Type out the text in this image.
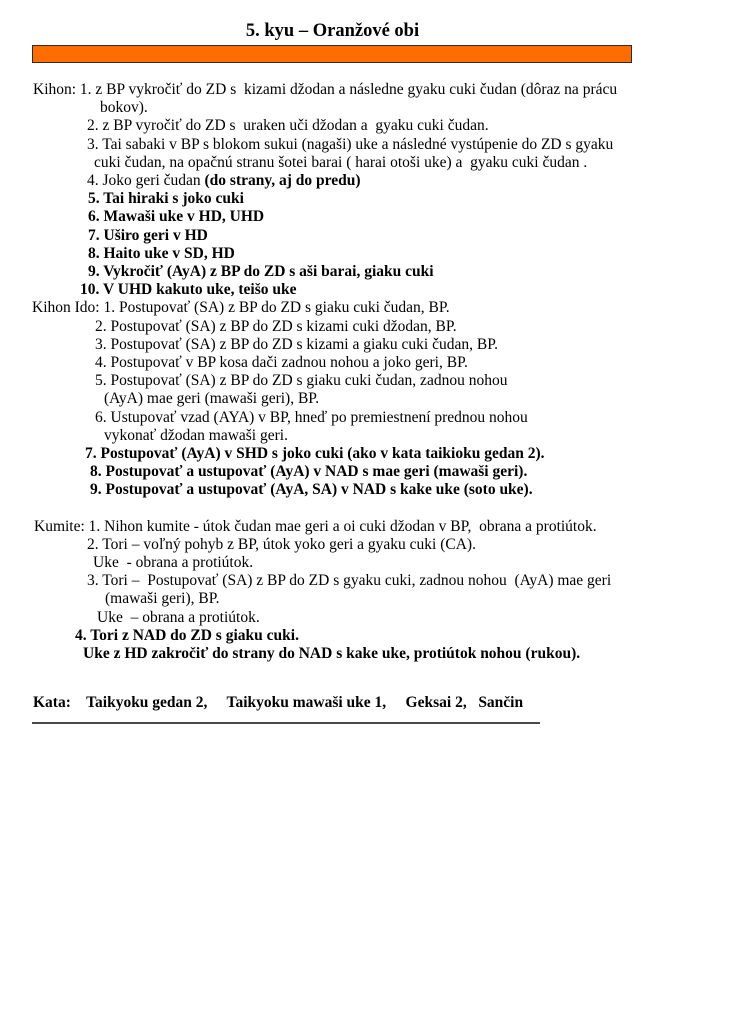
5. kyu – Oranžové obi
Kihon: 1. z BP vykročiť do ZD s  kizami džodan a následne gyaku cuki čudan (dôraz na prácu
bokov).
2. z BP vyročiť do ZD s  uraken uči džodan a  gyaku cuki čudan.
3. Tai sabaki v BP s blokom sukui (nagaši) uke a následné vystúpenie do ZD s gyaku
cuki čudan, na opačnú stranu šotei barai ( harai otoši uke) a  gyaku cuki čudan .
4. Joko geri čudan (do strany, aj do predu)
5. Tai hiraki s joko cuki
6. Mawaši uke v HD, UHD
7. Uširo geri v HD
8. Haito uke v SD, HD
9. Vykročiť (AyA) z BP do ZD s aši barai, giaku cuki
10. V UHD kakuto uke, teišo uke
Kihon Ido: 1. Postupovať (SA) z BP do ZD s giaku cuki čudan, BP.
2. Postupovať (SA) z BP do ZD s kizami cuki džodan, BP.
3. Postupovať (SA) z BP do ZD s kizami a giaku cuki čudan, BP.
4. Postupovať v BP kosa dači zadnou nohou a joko geri, BP.
5. Postupovať (SA) z BP do ZD s giaku cuki čudan, zadnou nohou
(AyA) mae geri (mawaši geri), BP.
6. Ustupovať vzad (AYA) v BP, hneď po premiestnení prednou nohou
vykonať džodan mawaši geri.
7. Postupovať (AyA) v SHD s joko cuki (ako v kata taikioku gedan 2).
8. Postupovať a ustupovať (AyA) v NAD s mae geri (mawaši geri).
9. Postupovať a ustupovať (AyA, SA) v NAD s kake uke (soto uke).
Kumite: 1. Nihon kumite - útok čudan mae geri a oi cuki džodan v BP,  obrana a protiútok.
2. Tori – voľný pohyb z BP, útok yoko geri a gyaku cuki (CA).
Uke  - obrana a protiútok.
3. Tori –  Postupovať (SA) z BP do ZD s gyaku cuki, zadnou nohou  (AyA) mae geri
(mawaši geri), BP.
Uke  – obrana a protiútok.
4. Tori z NAD do ZD s giaku cuki.
Uke z HD zakročiť do strany do NAD s kake uke, protiútok nohou (rukou).
Kata:    Taikyoku gedan 2,     Taikyoku mawaši uke 1,     Geksai 2,   Sančin
